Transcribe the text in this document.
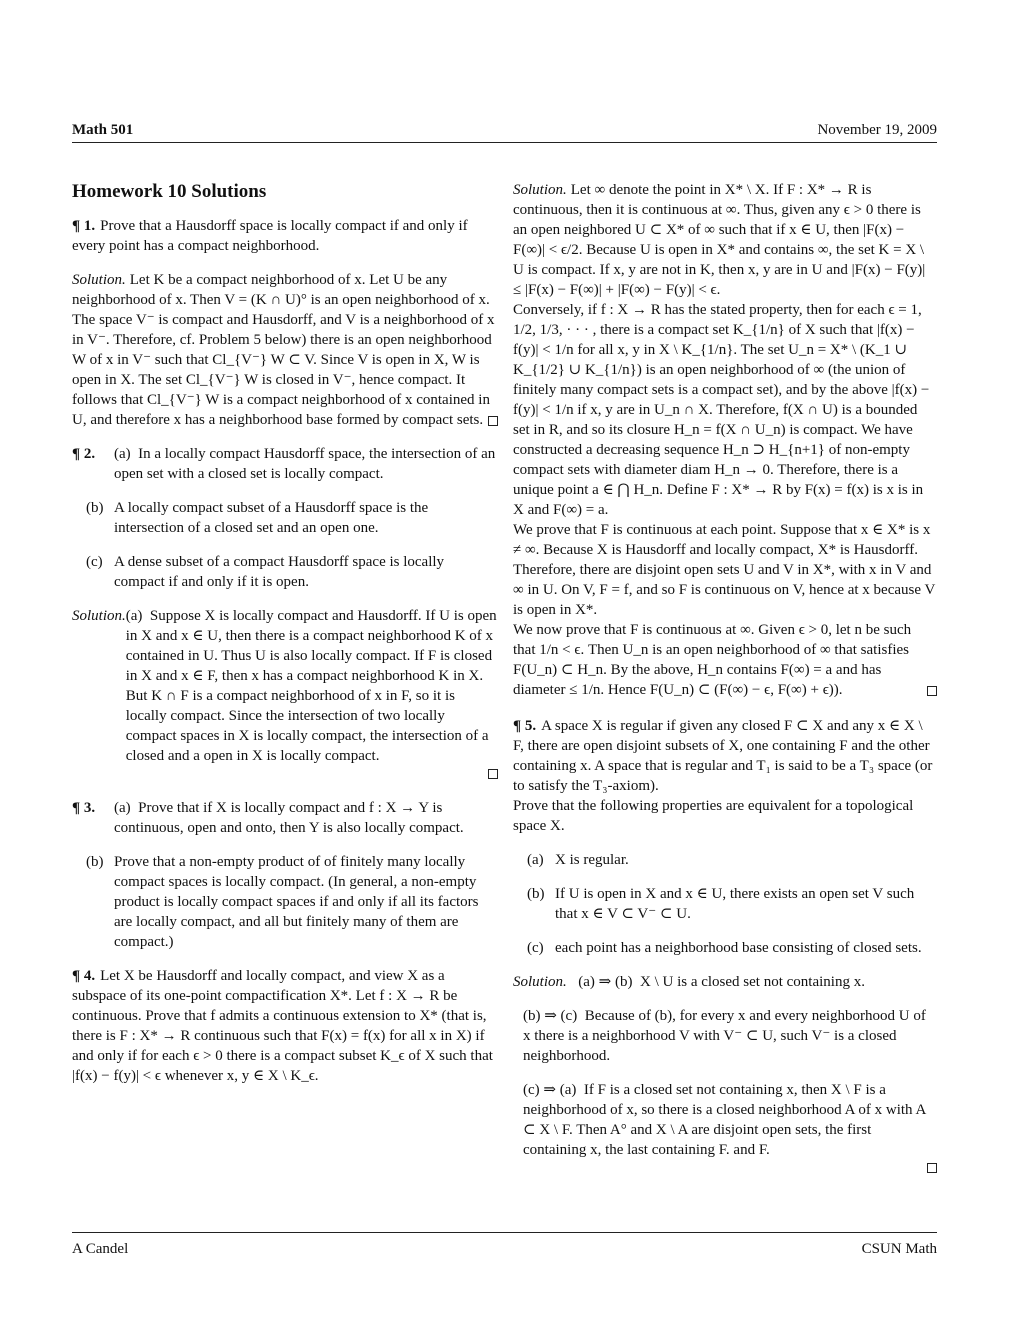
Math 501	November 19, 2009
Homework 10 Solutions

¶ 1. Prove that a Hausdorff space is locally compact if and only if every point has a compact neighborhood.

Solution. Let K be a compact neighborhood of x. Let U be any neighborhood of x. Then V = (K ∩ U)° is an open neighborhood of x. The space V⁻ is compact and Hausdorff, and V is a neighborhood of x in V⁻. Therefore, cf. Problem 5 below) there is an open neighborhood W of x in V⁻ such that Cl_{V⁻} W ⊂ V. Since V is open in X, W is open in X. The set Cl_{V⁻} W is closed in V⁻, hence compact. It follows that Cl_{V⁻} W is a compact neighborhood of x contained in U, and therefore x has a neighborhood base formed by compact sets.

¶ 2.	(a) In a locally compact Hausdorff space, the intersection of an open set with a closed set is locally compact.
(b) A locally compact subset of a Hausdorff space is the intersection of a closed set and an open one.
(c) A dense subset of a compact Hausdorff space is locally compact if and only if it is open.
Solution. (a) Suppose X is locally compact and Hausdorff. If U is open in X and x ∈ U, then there is a compact neighborhood K of x contained in U. Thus U is also locally compact. If F is closed in X and x ∈ F, then x has a compact neighborhood K in X. But K ∩ F is a compact neighborhood of x in F, so it is locally compact. Since the intersection of two locally compact spaces in X is locally compact, the intersection of a closed and a open in X is locally compact.
¶ 3.	(a) Prove that if X is locally compact and f : X → Y is continuous, open and onto, then Y is also locally compact.
(b) Prove that a non-empty product of of finitely many locally compact spaces is locally compact. (In general, a non-empty product is locally compact spaces if and only if all its factors are locally compact, and all but finitely many of them are compact.)

¶ 4. Let X be Hausdorff and locally compact, and view X as a subspace of its one-point compactification X*. Let f : X → R be continuous. Prove that f admits a continuous extension to X* (that is, there is F : X* → R continuous such that F(x) = f(x) for all x in X) if and only if for each ϵ > 0 there is a compact subset K_ϵ of X such that |f(x) − f(y)| < ϵ whenever x, y ∈ X \ K_ϵ.

Solution. Let ∞ denote the point in X* \ X. If F : X* → R is continuous, then it is continuous at ∞. Thus, given any ϵ > 0 there is an open neighbored U ⊂ X* of ∞ such that if x ∈ U, then |F(x) − F(∞)| < ϵ/2. Because U is open in X* and contains ∞, the set K = X \ U is compact. If x, y are not in K, then x, y are in U and |F(x) − F(y)| ≤ |F(x) − F(∞)| + |F(∞) − F(y)| < ϵ.

Conversely, if f : X → R has the stated property, then for each ϵ = 1, 1/2, 1/3, · · · , there is a compact set K_{1/n} of X such that |f(x) − f(y)| < 1/n for all x, y in X \ K_{1/n}. The set U_n = X* \ (K_1 ∪ K_{1/2} ∪ K_{1/n}) is an open neighborhood of ∞ (the union of finitely many compact sets is a compact set), and by the above |f(x) − f(y)| < 1/n if x, y are in U_n ∩ X. Therefore, f(X ∩ U) is a bounded set in R, and so its closure H_n = f(X ∩ U_n) is compact. We have constructed a decreasing sequence H_n ⊃ H_{n+1} of non-empty compact sets with diameter diam H_n → 0. Therefore, there is a unique point a ∈ ⋂ H_n. Define F : X* → R by F(x) = f(x) is x is in X and F(∞) = a.

We prove that F is continuous at each point. Suppose that x ∈ X* is x ≠ ∞. Because X is Hausdorff and locally compact, X* is Hausdorff. Therefore, there are disjoint open sets U and V in X*, with x in V and ∞ in U. On V, F = f, and so F is continuous on V, hence at x because V is open in X*.

We now prove that F is continuous at ∞. Given ϵ > 0, let n be such that 1/n < ϵ. Then U_n is an open neighborhood of ∞ that satisfies F(U_n) ⊂ H_n. By the above, H_n contains F(∞) = a and has diameter ≤ 1/n. Hence F(U_n) ⊂ (F(∞) − ϵ, F(∞) + ϵ)).

¶ 5. A space X is regular if given any closed F ⊂ X and any x ∈ X \ F, there are open disjoint subsets of X, one containing F and the other containing x. A space that is regular and T₁ is said to be a T₃ space (or to satisfy the T₃-axiom).

Prove that the following properties are equivalent for a topological space X.

(a) X is regular.
(b) If U is open in X and x ∈ U, there exists an open set V such that x ∈ V ⊂ V⁻ ⊂ U.
(c) each point has a neighborhood base consisting of closed sets.

Solution. (a) ⇒ (b) X \ U is a closed set not containing x.

(b) ⇒ (c) Because of (b), for every x and every neighborhood U of x there is a neighborhood V with V⁻ ⊂ U, such V⁻ is a closed neighborhood.
(c) ⇒ (a) If F is a closed set not containing x, then X \ F is a neighborhood of x, so there is a closed neighborhood A of x with A ⊂ X \ F. Then A° and X \ A are disjoint open sets, the first containing x, the last containing F. and F.
A Candel	CSUN Math
